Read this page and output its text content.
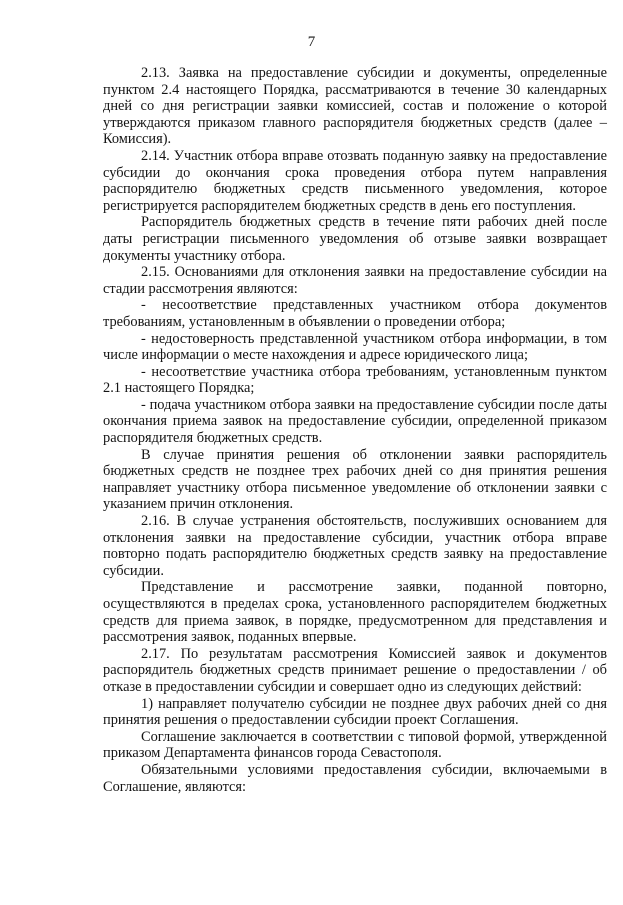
7

2.13. Заявка на предоставление субсидии и документы, определенные пунктом 2.4 настоящего Порядка, рассматриваются в течение 30 календарных дней со дня регистрации заявки комиссией, состав и положение о которой утверждаются приказом главного распорядителя бюджетных средств (далее – Комиссия).

2.14. Участник отбора вправе отозвать поданную заявку на предоставление субсидии до окончания срока проведения отбора путем направления распорядителю бюджетных средств письменного уведомления, которое регистрируется распорядителем бюджетных средств в день его поступления.

Распорядитель бюджетных средств в течение пяти рабочих дней после даты регистрации письменного уведомления об отзыве заявки возвращает документы участнику отбора.

2.15. Основаниями для отклонения заявки на предоставление субсидии на стадии рассмотрения являются:

- несоответствие представленных участником отбора документов требованиям, установленным в объявлении о проведении отбора;

- недостоверность представленной участником отбора информации, в том числе информации о месте нахождения и адресе юридического лица;

- несоответствие участника отбора требованиям, установленным пунктом 2.1 настоящего Порядка;

- подача участником отбора заявки на предоставление субсидии после даты окончания приема заявок на предоставление субсидии, определенной приказом распорядителя бюджетных средств.

В случае принятия решения об отклонении заявки распорядитель бюджетных средств не позднее трех рабочих дней со дня принятия решения направляет участнику отбора письменное уведомление об отклонении заявки с указанием причин отклонения.

2.16. В случае устранения обстоятельств, послуживших основанием для отклонения заявки на предоставление субсидии, участник отбора вправе повторно подать распорядителю бюджетных средств заявку на предоставление субсидии.

Представление и рассмотрение заявки, поданной повторно, осуществляются в пределах срока, установленного распорядителем бюджетных средств для приема заявок, в порядке, предусмотренном для представления и рассмотрения заявок, поданных впервые.

2.17. По результатам рассмотрения Комиссией заявок и документов распорядитель бюджетных средств принимает решение о предоставлении / об отказе в предоставлении субсидии и совершает одно из следующих действий:

1) направляет получателю субсидии не позднее двух рабочих дней со дня принятия решения о предоставлении субсидии проект Соглашения.

Соглашение заключается в соответствии с типовой формой, утвержденной приказом Департамента финансов города Севастополя.

Обязательными условиями предоставления субсидии, включаемыми в Соглашение, являются:
